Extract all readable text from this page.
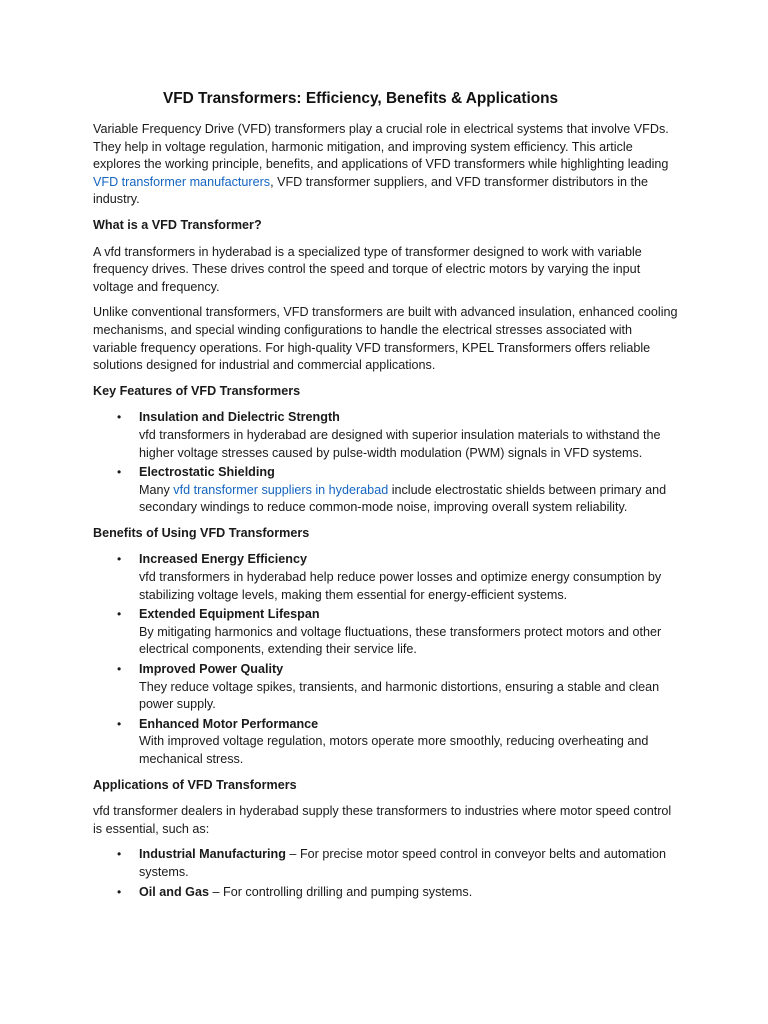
VFD Transformers: Efficiency, Benefits & Applications

Variable Frequency Drive (VFD) transformers play a crucial role in electrical systems that involve VFDs. They help in voltage regulation, harmonic mitigation, and improving system efficiency. This article explores the working principle, benefits, and applications of VFD transformers while highlighting leading VFD transformer manufacturers, VFD transformer suppliers, and VFD transformer distributors in the industry.

What is a VFD Transformer?

A vfd transformers in hyderabad is a specialized type of transformer designed to work with variable frequency drives. These drives control the speed and torque of electric motors by varying the input voltage and frequency.

Unlike conventional transformers, VFD transformers are built with advanced insulation, enhanced cooling mechanisms, and special winding configurations to handle the electrical stresses associated with variable frequency operations. For high-quality VFD transformers, KPEL Transformers offers reliable solutions designed for industrial and commercial applications.

Key Features of VFD Transformers
• Insulation and Dielectric Strength
vfd transformers in hyderabad are designed with superior insulation materials to withstand the higher voltage stresses caused by pulse-width modulation (PWM) signals in VFD systems.
• Electrostatic Shielding
Many vfd transformer suppliers in hyderabad include electrostatic shields between primary and secondary windings to reduce common-mode noise, improving overall system reliability.
Benefits of Using VFD Transformers
• Increased Energy Efficiency
vfd transformers in hyderabad help reduce power losses and optimize energy consumption by stabilizing voltage levels, making them essential for energy-efficient systems.
• Extended Equipment Lifespan
By mitigating harmonics and voltage fluctuations, these transformers protect motors and other electrical components, extending their service life.
• Improved Power Quality
They reduce voltage spikes, transients, and harmonic distortions, ensuring a stable and clean power supply.
• Enhanced Motor Performance
With improved voltage regulation, motors operate more smoothly, reducing overheating and mechanical stress.
Applications of VFD Transformers

vfd transformer dealers in hyderabad supply these transformers to industries where motor speed control is essential, such as:

• Industrial Manufacturing – For precise motor speed control in conveyor belts and automation systems.
• Oil and Gas – For controlling drilling and pumping systems.
